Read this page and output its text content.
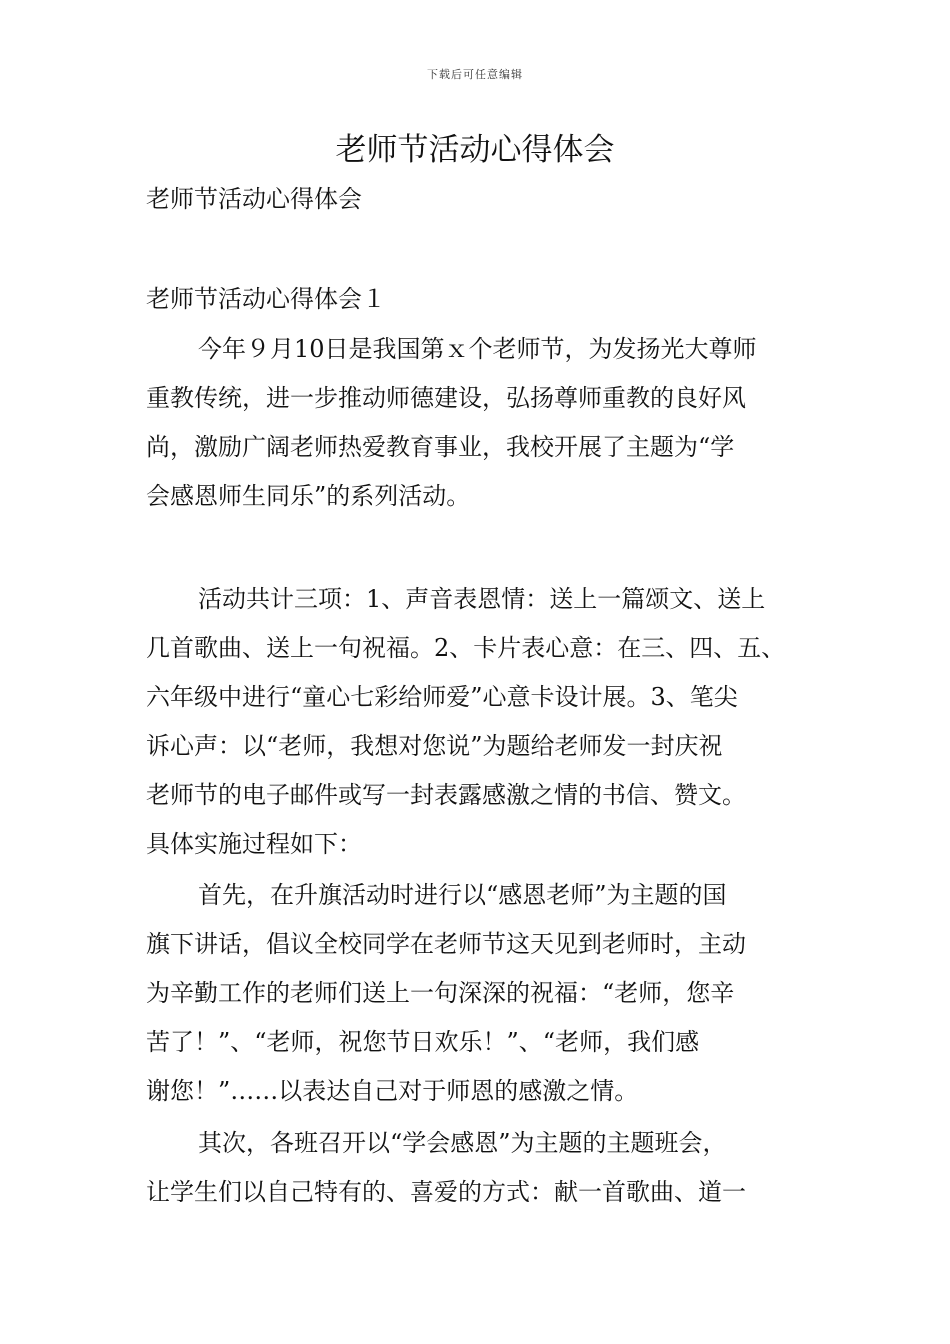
下载后可任意编辑
老师节活动心得体会
老师节活动心得体会
老师节活动心得体会１

今年９月10日是我国第ｘ个老师节，为发扬光大尊师
重教传统，进一步推动师德建设，弘扬尊师重教的良好风
尚，激励广阔老师热爱教育事业，我校开展了主题为“学
会感恩师生同乐”的系列活动。

活动共计三项：1、声音表恩情：送上一篇颂文、送上
几首歌曲、送上一句祝福。2、卡片表心意：在三、四、五、
六年级中进行“童心七彩给师爱”心意卡设计展。3、笔尖
诉心声：以“老师，我想对您说”为题给老师发一封庆祝
老师节的电子邮件或写一封表露感激之情的书信、赞文。
具体实施过程如下：

首先，在升旗活动时进行以“感恩老师”为主题的国
旗下讲话，倡议全校同学在老师节这天见到老师时，主动
为辛勤工作的老师们送上一句深深的祝福：“老师，您辛
苦了！”、“老师，祝您节日欢乐！”、“老师，我们感
谢您！”……以表达自己对于师恩的感激之情。

其次，各班召开以“学会感恩”为主题的主题班会，
让学生们以自己特有的、喜爱的方式：献一首歌曲、道一
